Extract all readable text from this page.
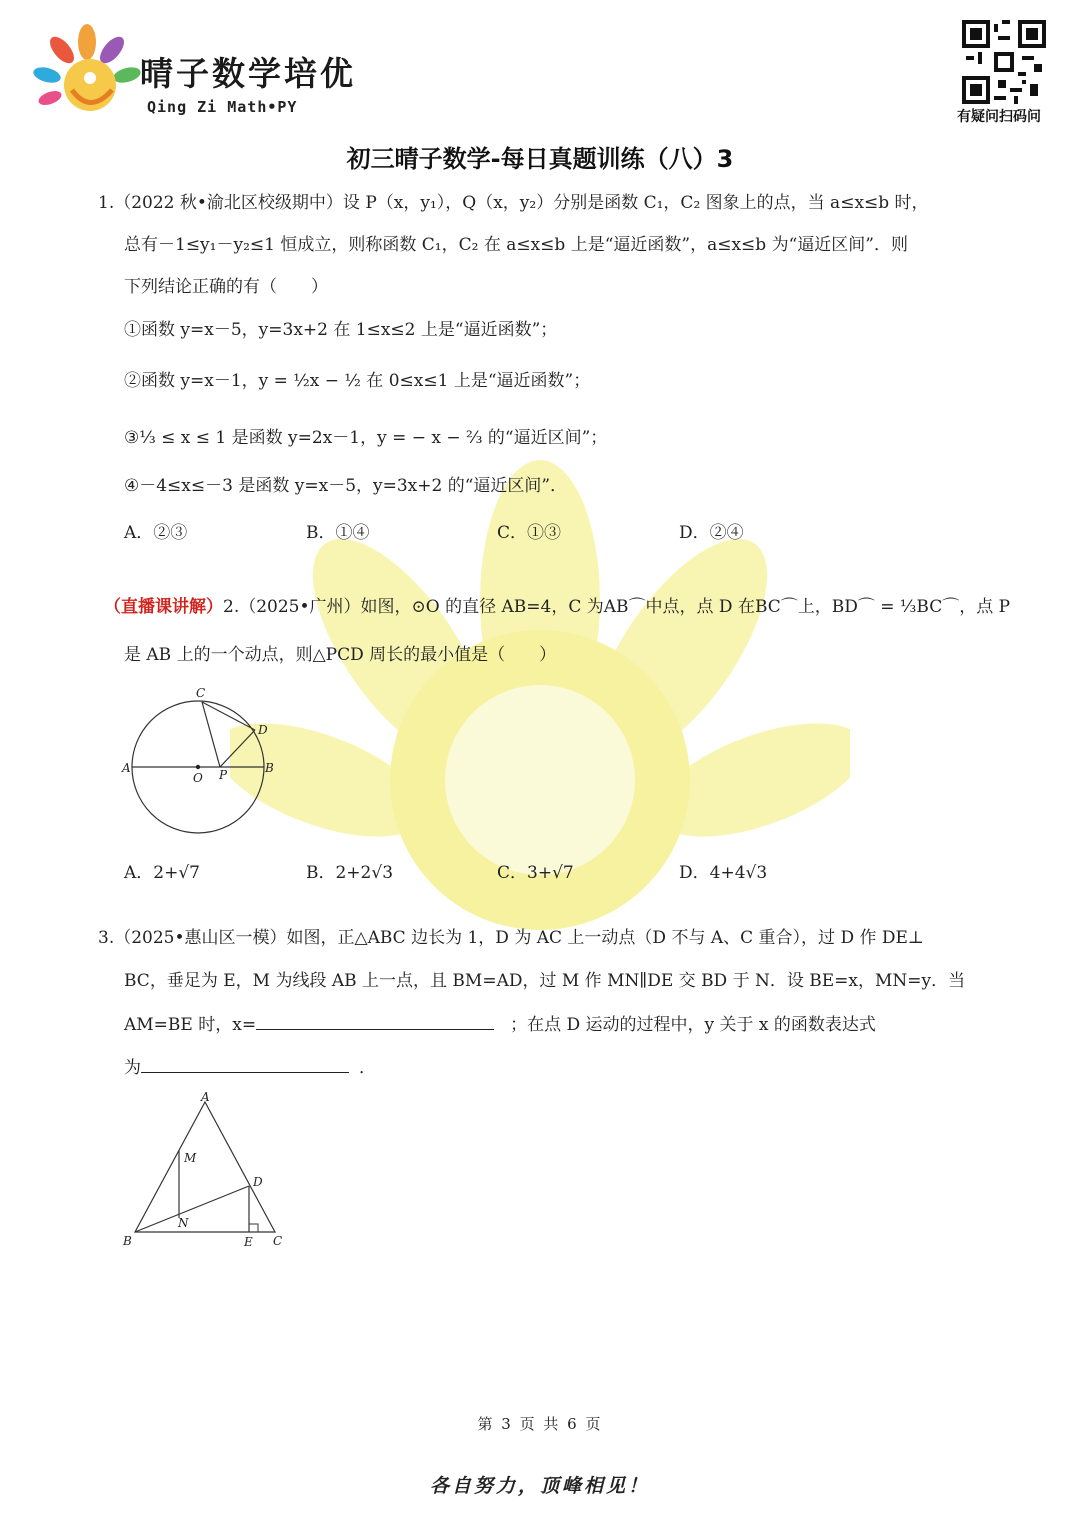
晴子数学培优
Qing Zi Math•PY
有疑问扫码问
初三晴子数学-每日真题训练（八）3
1.（2022 秋•渝北区校级期中）设 P（x，y₁），Q（x，y₂）分别是函数 C₁，C₂ 图象上的点，当 a≤x≤b 时，
总有－1≤y₁－y₂≤1 恒成立，则称函数 C₁，C₂ 在 a≤x≤b 上是“逼近函数”，a≤x≤b 为“逼近区间”．则
下列结论正确的有（　　）
①函数 y=x－5，y=3x+2 在 1≤x≤2 上是“逼近函数”；
②函数 y=x－1，y = ½x − ½ 在 0≤x≤1 上是“逼近函数”；
③⅓ ≤ x ≤ 1 是函数 y=2x－1，y = − x − ⅔ 的“逼近区间”；
④－4≤x≤－3 是函数 y=x－5，y=3x+2 的“逼近区间”．
A．②③	B．①④	C．①③	D．②④
（直播课讲解）2.（2025•广州）如图，⊙O 的直径 AB=4，C 为AB⌒中点，点 D 在BC⌒上，BD⌒ = ⅓BC⌒，点 P
是 AB 上的一个动点，则△PCD 周长的最小值是（　　）
C
D
A
O P	B
A．2+√7	B．2+2√3	C．3+√7	D．4+4√3
3.（2025•惠山区一模）如图，正△ABC 边长为 1，D 为 AC 上一动点（D 不与 A、C 重合），过 D 作 DE⊥
BC，垂足为 E，M 为线段 AB 上一点，且 BM=AD，过 M 作 MN∥DE 交 BD 于 N．设 BE=x，MN=y．当
AM=BE 时，x=	；在点 D 运动的过程中，y 关于 x 的函数表达式
为	．
A
M
D
N
B	E C
第 3 页 共 6 页
各自努力，顶峰相见！
